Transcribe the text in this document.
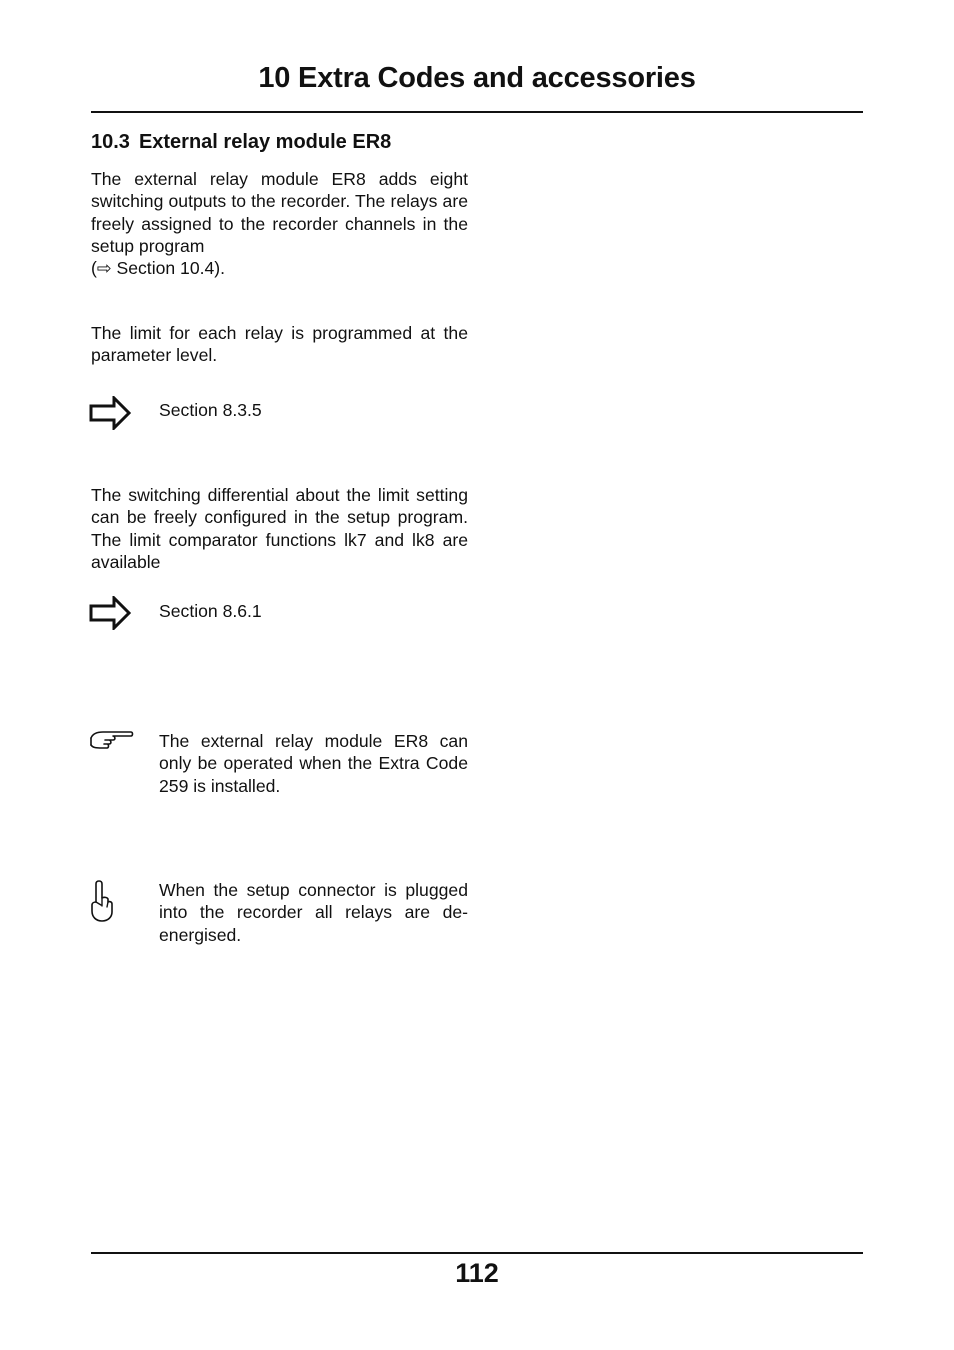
10 Extra Codes and accessories
10.3 External relay module ER8

The external relay module ER8 adds eight switching outputs to the recorder. The relays are freely assigned to the recorder channels in the setup program
(⇨ Section 10.4).

The limit for each relay is programmed at the parameter level.

Section 8.3.5

The switching differential about the limit setting can be freely configured in the setup program. The limit comparator functions lk7 and lk8 are available

Section 8.6.1

The external relay module ER8 can only be operated when the Extra Code 259 is installed.

When the setup connector is plugged into the recorder all relays are de-energised.

112
